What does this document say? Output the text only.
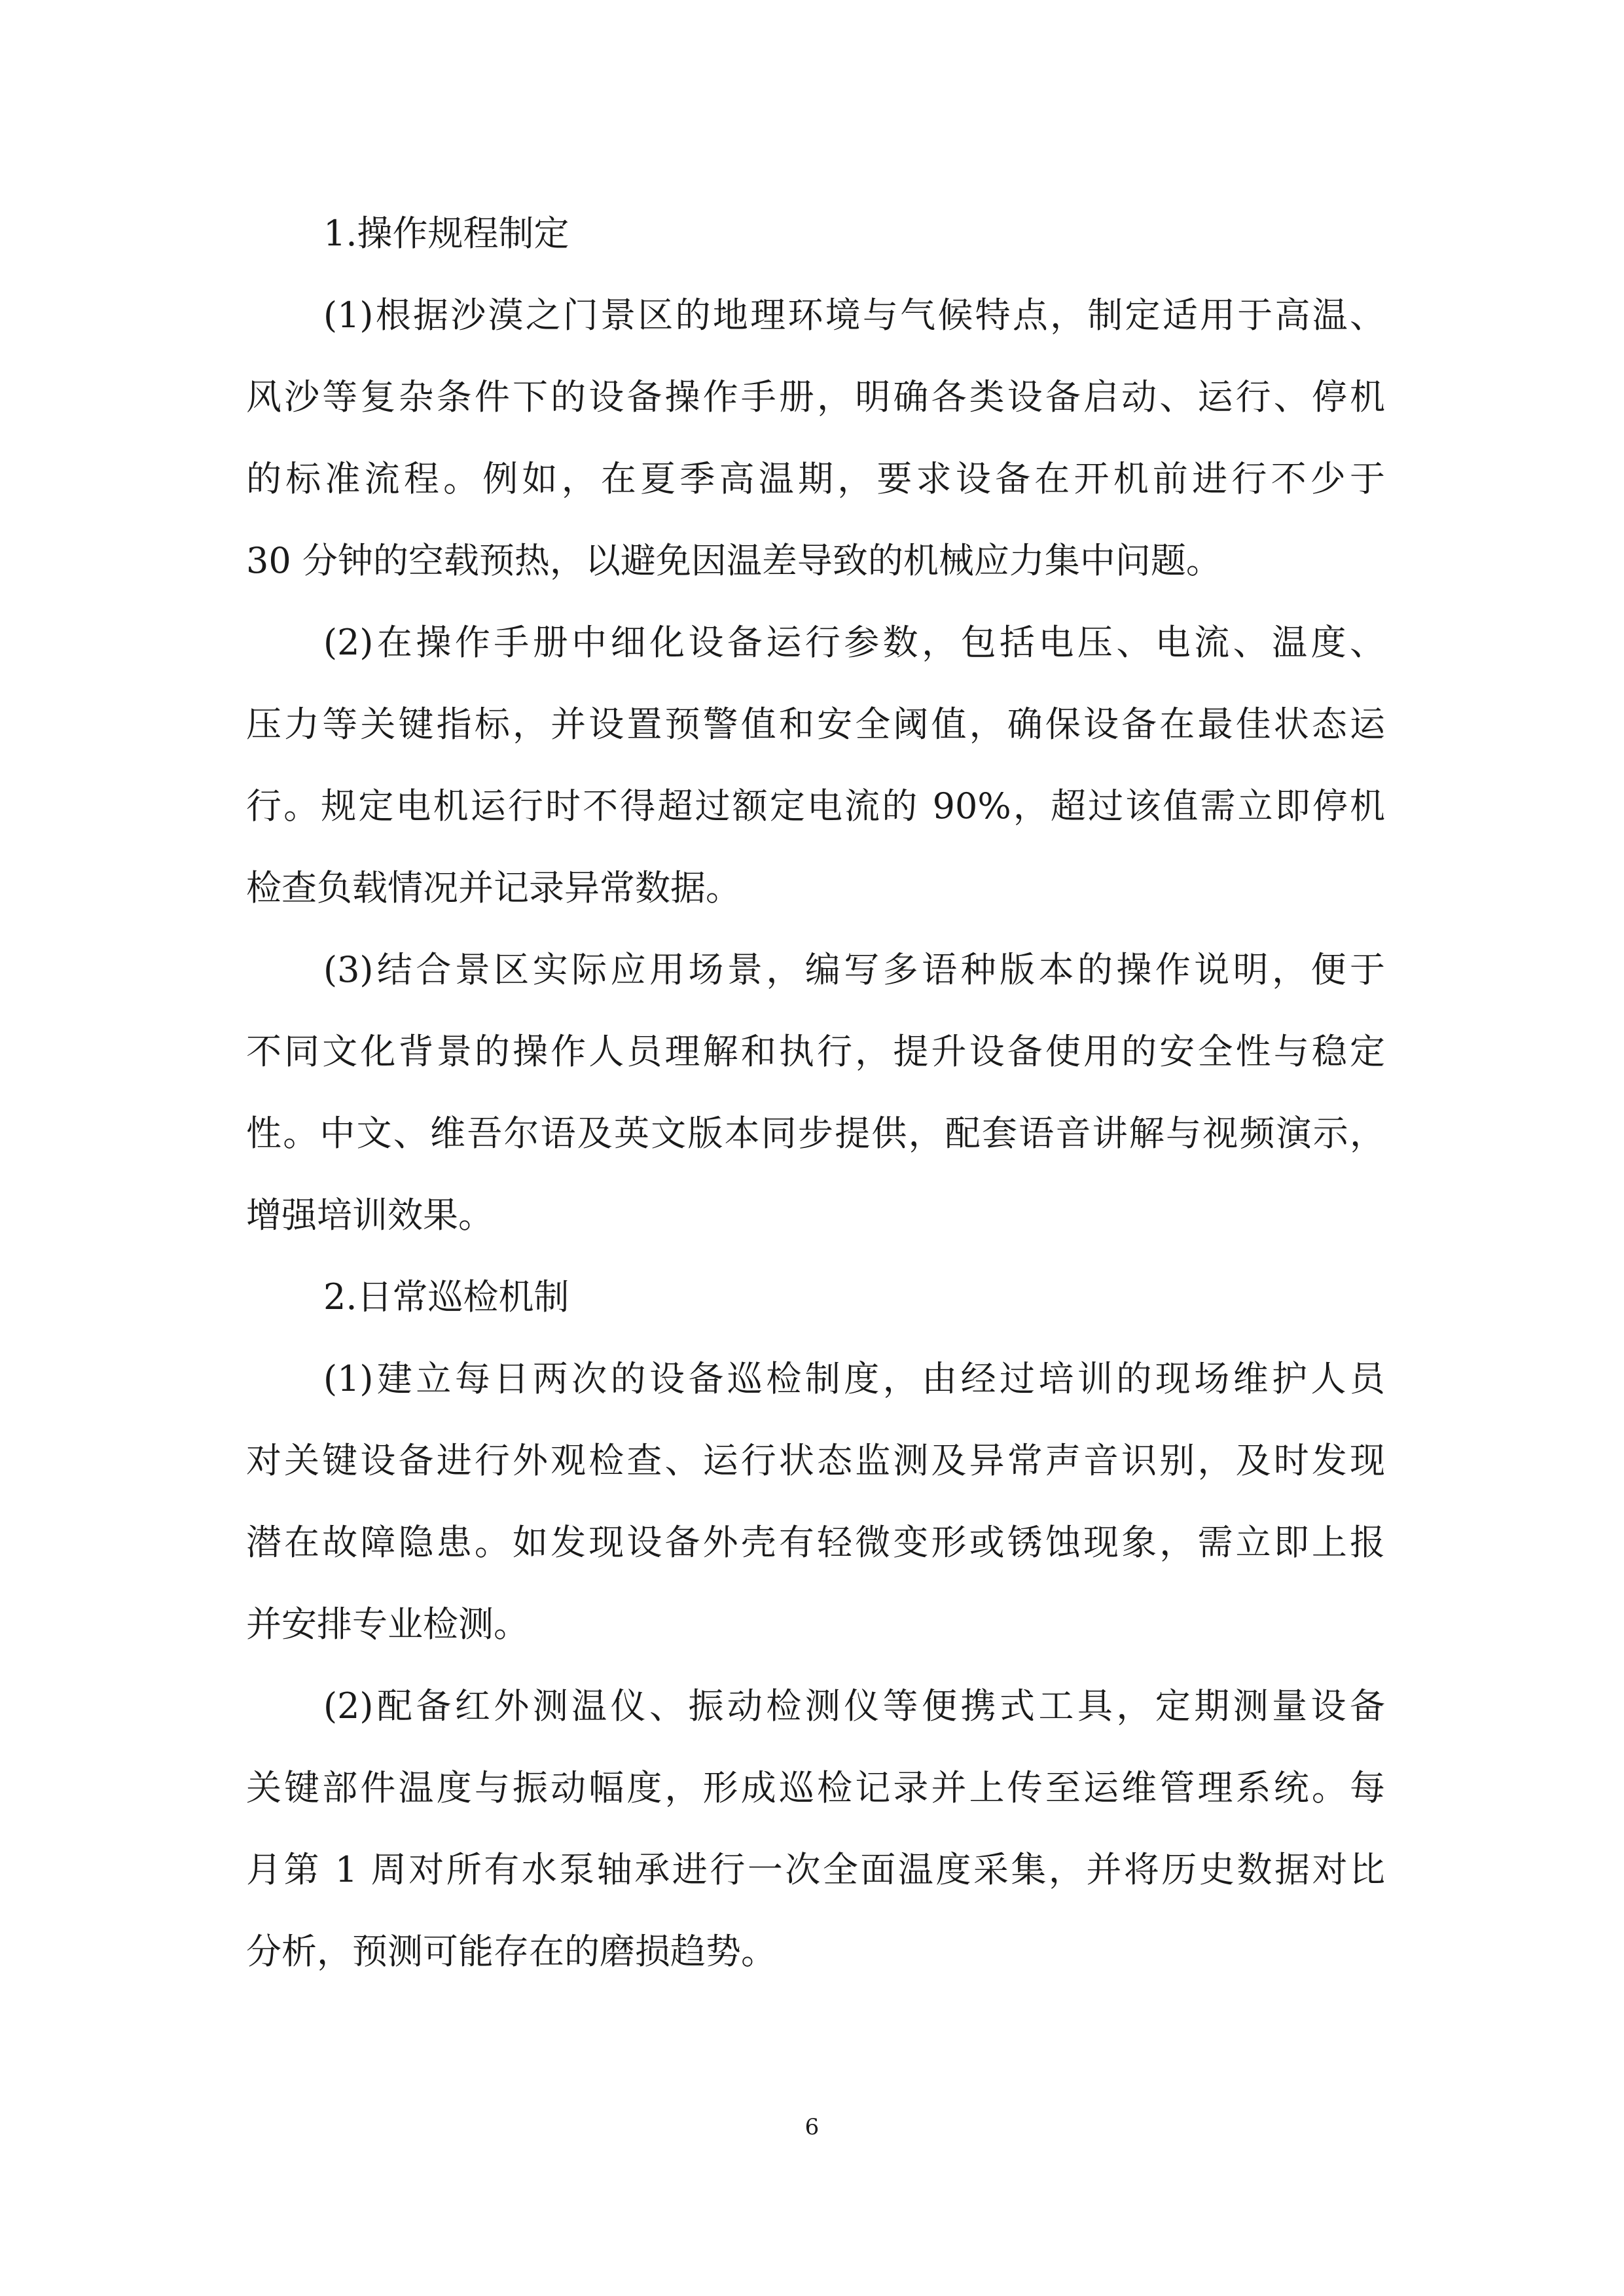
1.操作规程制定
(1)根据沙漠之门景区的地理环境与气候特点，制定适用于高温、
风沙等复杂条件下的设备操作手册，明确各类设备启动、运行、停机
的标准流程。例如，在夏季高温期，要求设备在开机前进行不少于
30 分钟的空载预热，以避免因温差导致的机械应力集中问题。
(2)在操作手册中细化设备运行参数，包括电压、电流、温度、
压力等关键指标，并设置预警值和安全阈值，确保设备在最佳状态运
行。规定电机运行时不得超过额定电流的 90%，超过该值需立即停机
检查负载情况并记录异常数据。
(3)结合景区实际应用场景，编写多语种版本的操作说明，便于
不同文化背景的操作人员理解和执行，提升设备使用的安全性与稳定
性。中文、维吾尔语及英文版本同步提供，配套语音讲解与视频演示，
增强培训效果。
2.日常巡检机制
(1)建立每日两次的设备巡检制度，由经过培训的现场维护人员
对关键设备进行外观检查、运行状态监测及异常声音识别，及时发现
潜在故障隐患。如发现设备外壳有轻微变形或锈蚀现象，需立即上报
并安排专业检测。
(2)配备红外测温仪、振动检测仪等便携式工具，定期测量设备
关键部件温度与振动幅度，形成巡检记录并上传至运维管理系统。每
月第 1 周对所有水泵轴承进行一次全面温度采集，并将历史数据对比
分析，预测可能存在的磨损趋势。
6
